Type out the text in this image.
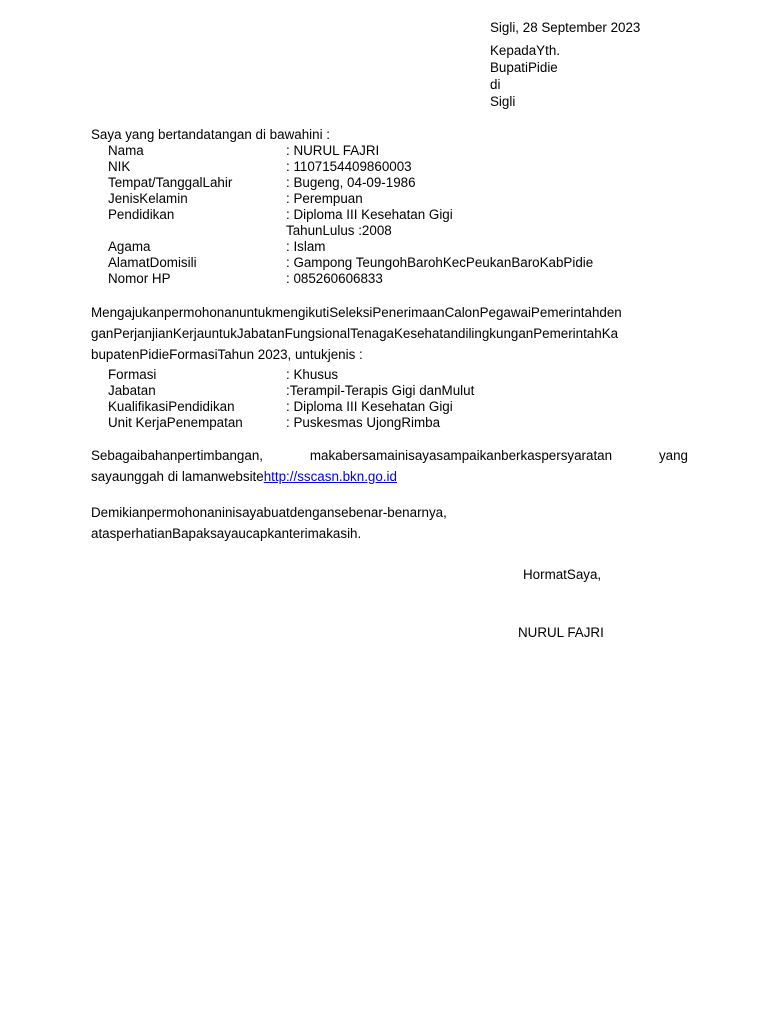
Sigli, 28 September 2023
KepadaYth.
BupatiPidie
di
Sigli
Saya yang bertandatangan di bawahini :
Nama	: NURUL FAJRI
NIK	: 1107154409860003
Tempat/TanggalLahir	: Bugeng, 04-09-1986
JenisKelamin	: Perempuan
Pendidikan	: Diploma III Kesehatan Gigi
TahunLulus :2008
Agama	: Islam
AlamatDomisili	: Gampong TeungohBarohKecPeukanBaroKabPidie
Nomor HP	: 085260606833
MengajukanpermohonanuntukmengikutiSeleksiPenerimaanCalonPegawaiPemerintahden
ganPerjanjianKerjauntukJabatanFungsionalTenagaKesehatandilingkunganPemerintahKa
bupatenPidieFormasiTahun 2023, untukjenis :
Formasi	: Khusus
Jabatan	:Terampil-Terapis Gigi danMulut
KualifikasiPendidikan	: Diploma III Kesehatan Gigi
Unit KerjaPenempatan	: Puskesmas UjongRimba
Sebagaibahanpertimbangan, makabersamainisayasampaikanberkaspersyaratan yang
sayaunggah di lamanwebsitehttp://sscasn.bkn.go.id
Demikianpermohonaninisayabuatdengansebenar-benarnya,
atasperhatianBapaksayaucapkanterimakasih.
HormatSaya,
NURUL FAJRI
